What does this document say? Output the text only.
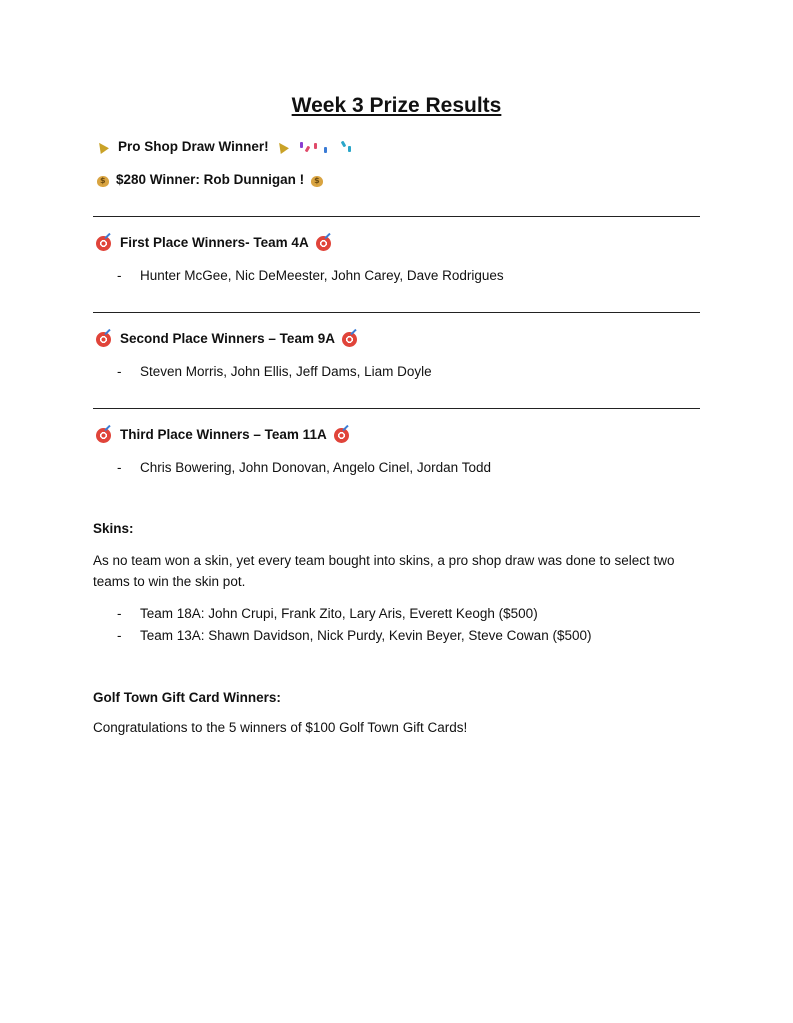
Week 3 Prize Results
Pro Shop Draw Winner!
$$280 Winner: Rob Dunnigan !$
First Place Winners- Team 4A
- Hunter McGee, Nic DeMeester, John Carey, Dave Rodrigues
Second Place Winners – Team 9A
- Steven Morris, John Ellis, Jeff Dams, Liam Doyle
Third Place Winners – Team 11A
- Chris Bowering, John Donovan, Angelo Cinel, Jordan Todd
Skins:
As no team won a skin, yet every team bought into skins, a pro shop draw was done to select two teams to win the skin pot.
- Team 18A: John Crupi, Frank Zito, Lary Aris, Everett Keogh ($500)
- Team 13A: Shawn Davidson, Nick Purdy, Kevin Beyer, Steve Cowan ($500)
Golf Town Gift Card Winners:
Congratulations to the 5 winners of $100 Golf Town Gift Cards!
